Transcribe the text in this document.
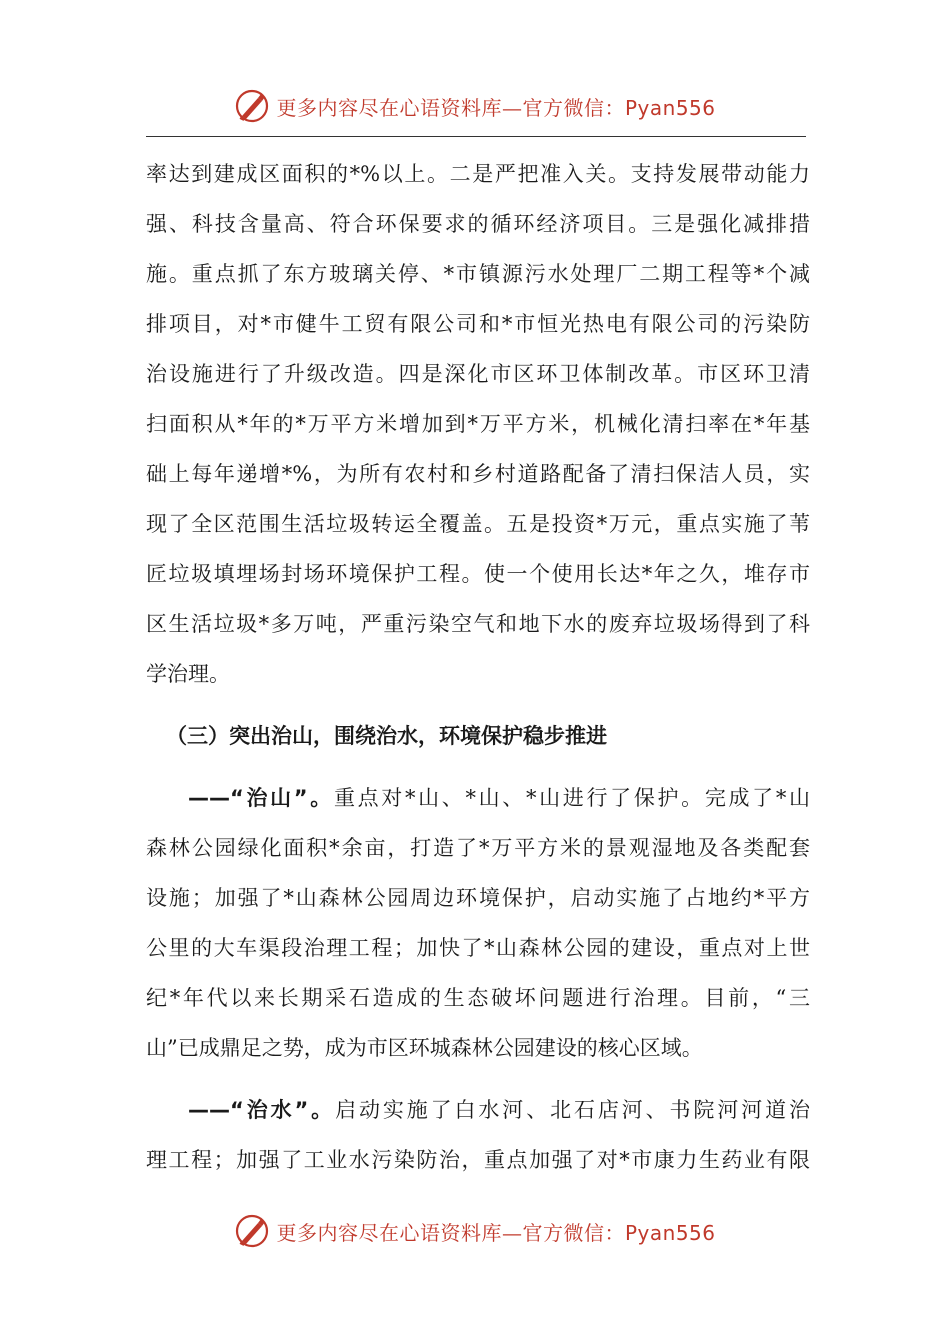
更多内容尽在心语资料库—官方微信：Pyan556
率达到建成区面积的*%以上。二是严把准入关。支持发展带动能力
强、科技含量高、符合环保要求的循环经济项目。三是强化减排措
施。重点抓了东方玻璃关停、*市镇源污水处理厂二期工程等*个减
排项目，对*市健牛工贸有限公司和*市恒光热电有限公司的污染防
治设施进行了升级改造。四是深化市区环卫体制改革。市区环卫清
扫面积从*年的*万平方米增加到*万平方米，机械化清扫率在*年基
础上每年递增*%，为所有农村和乡村道路配备了清扫保洁人员，实
现了全区范围生活垃圾转运全覆盖。五是投资*万元，重点实施了苇
匠垃圾填埋场封场环境保护工程。使一个使用长达*年之久，堆存市
区生活垃圾*多万吨，严重污染空气和地下水的废弃垃圾场得到了科
学治理。
（三）突出治山，围绕治水，环境保护稳步推进
——“治山”。重点对*山、*山、*山进行了保护。完成了*山
森林公园绿化面积*余亩，打造了*万平方米的景观湿地及各类配套
设施；加强了*山森林公园周边环境保护，启动实施了占地约*平方
公里的大车渠段治理工程；加快了*山森林公园的建设，重点对上世
纪*年代以来长期采石造成的生态破坏问题进行治理。目前，“三
山”已成鼎足之势，成为市区环城森林公园建设的核心区域。
——“治水”。启动实施了白水河、北石店河、书院河河道治
理工程；加强了工业水污染防治，重点加强了对*市康力生药业有限
更多内容尽在心语资料库—官方微信：Pyan556
